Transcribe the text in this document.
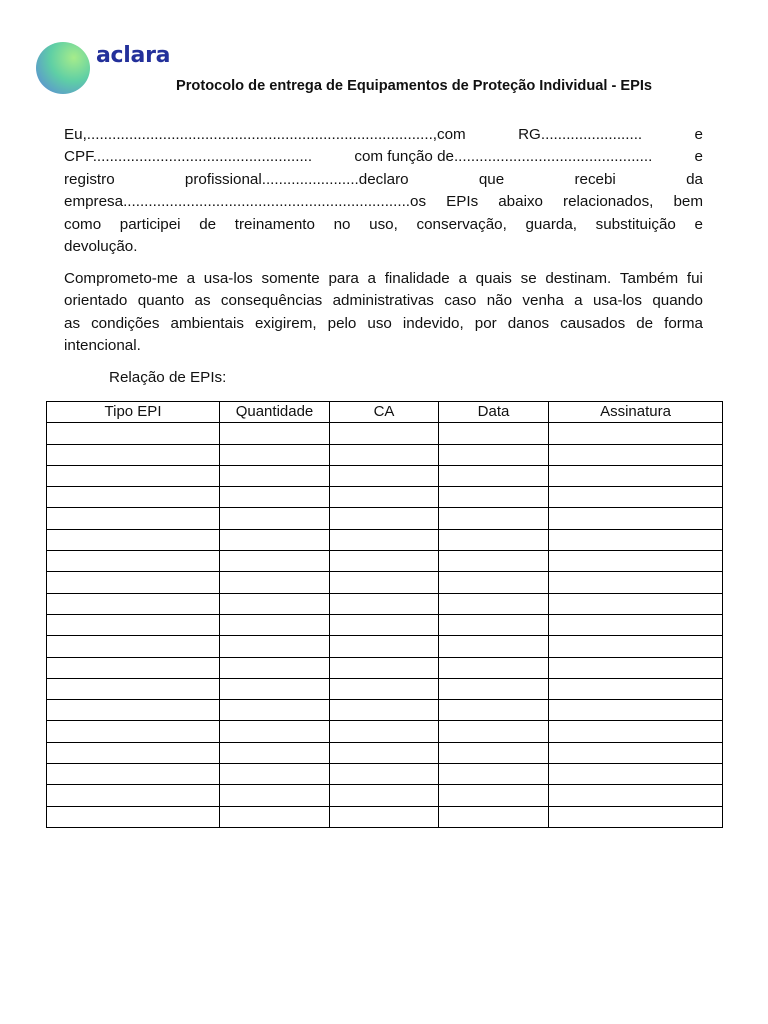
aclara
Protocolo de entrega de Equipamentos de Proteção Individual - EPIs
Eu,..................................................................................,com	RG........................	e
CPF....................................................	com função de...............................................	e
registro	profissional.......................declaro	que	recebi	da
empresa....................................................................os EPIs abaixo relacionados, bem
como participei de treinamento no uso, conservação, guarda, substituição e
devolução.
Comprometo-me a usa-los somente para a finalidade a quais se destinam. Também fui
orientado quanto as consequências administrativas caso não venha a usa-los quando
as condições ambientais exigirem, pelo uso indevido, por danos causados de forma
intencional.
Relação de EPIs:
Tipo EPI	Quantidade	CA	Data	Assinatura
